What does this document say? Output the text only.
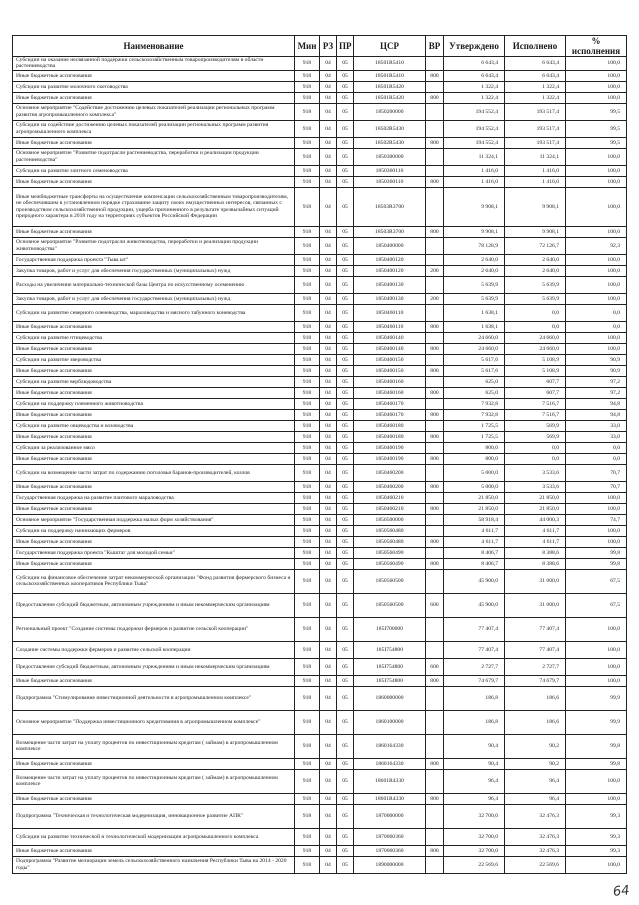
Наименование	Мин	РЗ	ПР	ЦСР	ВР	Утверждено	Исполнено	% исполнения
Субсидии на оказание несвязанной поддержки сельскохозяйственным товаропроизводителям в области растениеводства	918	04	05	18501R5410		6 643,4	6 643,4	100,0
Иные бюджетные ассигнования	918	04	05	18501R5410	800	6 643,4	6 643,4	100,0
Субсидии на развитие молочного скотоводства	918	04	05	18501R5420		1 322,4	1 322,4	100,0
Иные бюджетные ассигнования	918	04	05	18501R5420	800	1 322,4	1 322,4	100,0
Основное мероприятие "Содействие достижению целевых показателей реализации региональных программ развития агропромышленного комплекса"	918	04	05	1850200000		194 552,4	193 517,4	99,5
Субсидии на содействие достижению целевых показателей реализации региональных программ развития агропромышленного комплекса	918	04	05	18502R5430		194 552,4	193 517,4	99,5
Иные бюджетные ассигнования	918	04	05	18502R5430	800	194 552,4	193 517,4	99,5
Основное мероприятие "Развитие подотрасли растениеводства, переработки и реализации продукции растениеводства"	918	04	05	1850300000		11 324,1	11 324,1	100,0
Субсидии на развитие элитного семеноводства	918	04	05	1850360110		1 416,0	1 416,0	100,0
Иные бюджетные ассигнования	918	04	05	1850360110	800	1 416,0	1 416,0	100,0
Иные межбюджетные трансферты на осуществление компенсации сельскохозяйственным товаропроизводителям, не обеспечившим в установленном порядке страхование защиту своих имущественных интересов, связанных с производством сельскохозяйственной продукции, ущерба причиненного в результате чрезвычайных ситуаций природного характера в 2018 году на территориях субъектов Российской Федерации	918	04	05	18503R3700		9 908,1	9 908,1	100,0
Иные бюджетные ассигнования	918	04	05	18503R3700	800	9 908,1	9 908,1	100,0
Основное мероприятие "Развитие подотрасли животноводства, переработки и реализации продукции животноводства"	918	04	05	1850400000		78 128,9	72 126,7	92,3
Государственная поддержка проекта "Тыва ыт"	918	04	05	1850400120		2 640,0	2 640,0	100,0
Закупка товаров, работ и услуг для обеспечения государственных (муниципальных) нужд	918	04	05	1850400120	200	2 640,0	2 640,0	100,0
Расходы на увеличение материально-технической базы Центра по искусственному осеменению	918	04	05	1850400130		5 639,9	5 639,9	100,0
Закупка товаров, работ и услуг для обеспечения государственных (муниципальных) нужд	918	04	05	1850400130	200	5 639,9	5 639,9	100,0
Субсидии на развитие северного оленеводства, мараловодства и мясного табунного коневодства	918	04	05	1850460110		1 638,1	0,0	0,0
Иные бюджетные ассигнования	918	04	05	1850460110	800	1 638,1	0,0	0,0
Субсидии на развитие птицеводства	918	04	05	1850460140		24 660,0	24 660,0	100,0
Иные бюджетные ассигнования	918	04	05	1850460140	800	24 660,0	24 660,0	100,0
Субсидии на развитие звероводства	918	04	05	1850460150		5 617,6	5 108,9	90,9
Иные бюджетные ассигнования	918	04	05	1850460150	800	5 617,6	5 108,9	90,9
Субсидии на развитие верблюдоводства	918	04	05	1850460160		625,0	607,7	97,2
Иные бюджетные ассигнования	918	04	05	1850460160	800	625,0	607,7	97,2
Субсидии на поддержку племенного животноводства	918	04	05	1850460170		7 932,8	7 516,7	94,8
Иные бюджетные ассигнования	918	04	05	1850460170	800	7 932,8	7 516,7	94,8
Субсидии на развитие овцеводства и козоводства	918	04	05	1850460180		1 725,5	569,9	33,0
Иные бюджетные ассигнования	918	04	05	1850460180	800	1 725,5	569,9	33,0
Субсидии за реализованное мясо	918	04	05	1850460190		800,0	0,0	0,0
Иные бюджетные ассигнования	918	04	05	1850460190	800	800,0	0,0	0,0
Субсидии на возмещение части затрат по содержанию поголовья баранов-производителей, козлов	918	04	05	1850460200		5 000,0	3 533,6	70,7
Иные бюджетные ассигнования	918	04	05	1850460200	800	5 000,0	3 533,6	70,7
Государственная поддержка на развитие пантового мараловодства	918	04	05	1850460210		21 850,0	21 850,0	100,0
Иные бюджетные ассигнования	918	04	05	1850460210	800	21 850,0	21 850,0	100,0
Основное мероприятие "Государственная поддержка малых форм хозяйствования"	918	04	05	1850500000		58 918,4	44 000,3	74,7
Субсидии на поддержку начинающих фермеров	918	04	05	1850560480		4 611,7	4 611,7	100,0
Иные бюджетные ассигнования	918	04	05	1850560480	800	4 611,7	4 611,7	100,0
Государственная поддержка проекта "Кыштаг для молодой семьи"	918	04	05	1850560490		8 406,7	8 388,6	99,8
Иные бюджетные ассигнования	918	04	05	1850560490	800	8 406,7	8 388,6	99,8
Субсидии на финансовое обеспечение затрат некоммерческой организации "Фонд развития фермерского бизнеса и сельскохозяйственных кооперативов Республики Тыва"	918	04	05	1850560500		45 900,0	31 000,0	67,5
Предоставление субсидий бюджетным, автономным учреждениям и иным некоммерческим организациям	918	04	05	1850560500	600	45 900,0	31 000,0	67,5
Региональный проект "Создание системы поддержки фермеров и развитие сельской кооперации"	918	04	05	185I700000		77 407,4	77 407,4	100,0
Создание системы поддержки фермеров и развитие сельской кооперации	918	04	05	185I754800		77 407,4	77 407,4	100,0
Предоставление субсидий бюджетным, автономным учреждениям и иным некоммерческим организациям	918	04	05	185I754800	600	2 727,7	2 727,7	100,0
Иные бюджетные ассигнования	918	04	05	185I754800	800	74 679,7	74 679,7	100,0
Подпрограмма "Стимулирование инвестиционной деятельности в агропромышленном комплексе"	918	04	05	1860000000		186,8	186,6	99,9
Основное мероприятие "Поддержка инвестиционного кредитования в агропромышленном комплексе"	918	04	05	1860100000		186,8	186,6	99,9
Возмещение части затрат на уплату процентов по инвестиционным кредитам ( займам) в агропромышленном комплексе	918	04	05	1860164330		90,4	90,2	99,8
Иные бюджетные ассигнования	918	04	05	1860164330	800	90,4	90,2	99,8
Возмещение части затрат на уплату процентов по инвестиционным кредитам ( займам) в агропромышленном комплексе	918	04	05	18601R4330		96,4	96,4	100,0
Иные бюджетные ассигнования	918	04	05	18601R4330	800	96,4	96,4	100,0
Подпрограмма "Техническая и технологическая модернизация, инновационное развитие АПК"	918	04	05	1870000000		32 700,0	32 476,3	99,3
Субсидии на развитие технической и технологической модернизации агропромышленного комплекса	918	04	05	1870060360		32 700,0	32 476,3	99,3
Иные бюджетные ассигнования	918	04	05	1870060360	800	32 700,0	32 476,3	99,3
Подпрограмма "Развитие мелиорации земель сельскохозяйственного назначения Республики Тыва на 2014 - 2020 годы"	918	04	05	1890000000		22 569,6	22 569,6	100,0
64
